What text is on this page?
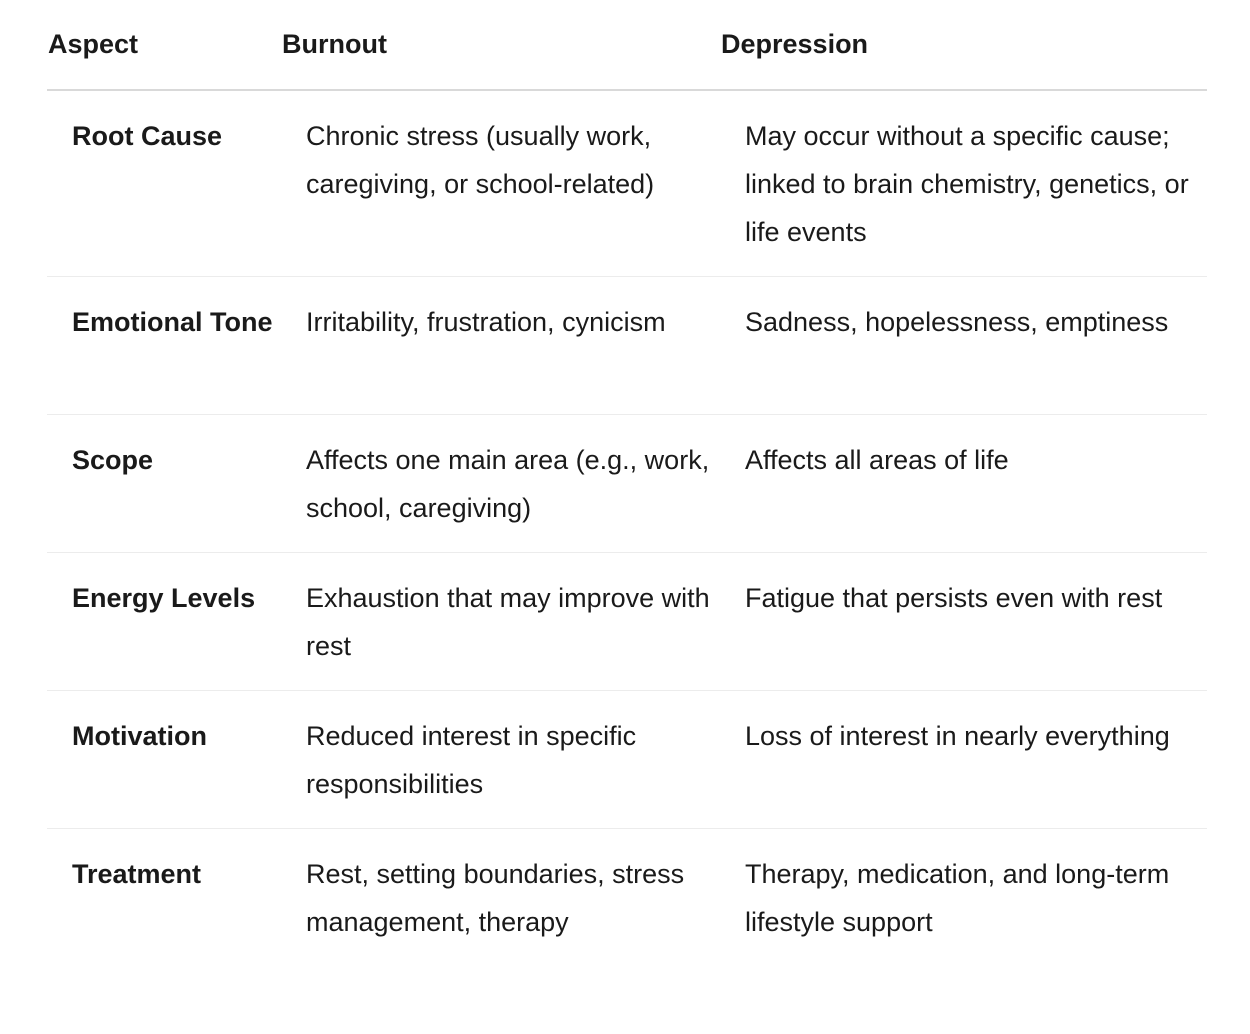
Aspect	Burnout	Depression
Root Cause	Chronic stress (usually work, caregiving, or school-related)	May occur without a specific cause; linked to brain chemistry, genetics, or life events
Emotional Tone	Irritability, frustration, cynicism	Sadness, hopelessness, emptiness
Scope	Affects one main area (e.g., work, school, caregiving)	Affects all areas of life
Energy Levels	Exhaustion that may improve with rest	Fatigue that persists even with rest
Motivation	Reduced interest in specific responsibilities	Loss of interest in nearly everything
Treatment	Rest, setting boundaries, stress management, therapy	Therapy, medication, and long-term lifestyle support
